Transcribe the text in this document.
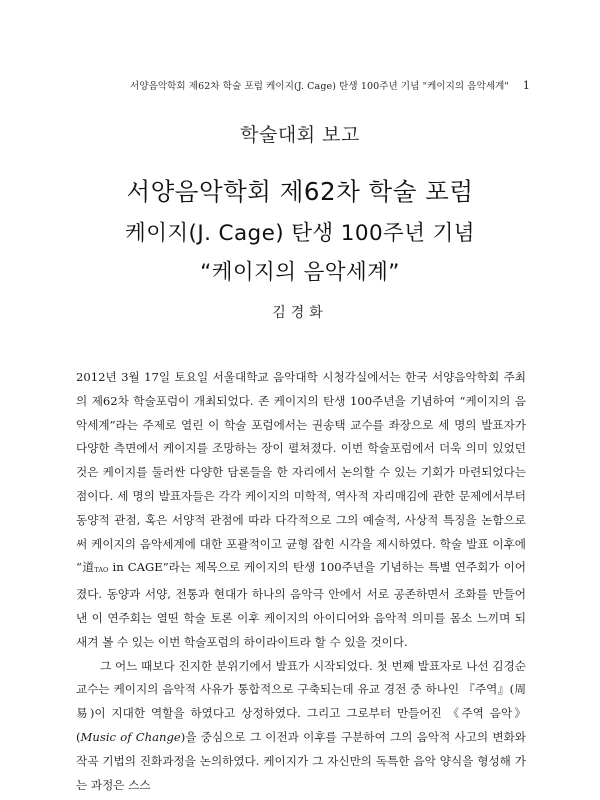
서양음악학회 제62차 학술 포럼 케이지(J. Cage) 탄생 100주년 기념 "케이지의 음악세계" 1
학술대회 보고
서양음악학회 제62차 학술 포럼
케이지(J. Cage) 탄생 100주년 기념
“케이지의 음악세계”
김경화

2012년 3월 17일 토요일 서울대학교 음악대학 시청각실에서는 한국 서양음악학회 주최의 제62차 학술포럼이 개최되었다. 존 케이지의 탄생 100주년을 기념하여 “케이지의 음악세계”라는 주제로 열린 이 학술 포럼에서는 권송택 교수를 좌장으로 세 명의 발표자가 다양한 측면에서 케이지를 조망하는 장이 펼쳐졌다. 이번 학술포럼에서 더욱 의미 있었던 것은 케이지를 둘러싼 다양한 담론들을 한 자리에서 논의할 수 있는 기회가 마련되었다는 점이다. 세 명의 발표자들은 각각 케이지의 미학적, 역사적 자리매김에 관한 문제에서부터 동양적 관점, 혹은 서양적 관점에 따라 다각적으로 그의 예술적, 사상적 특징을 논함으로써 케이지의 음악세계에 대한 포괄적이고 균형 잡힌 시각을 제시하였다. 학술 발표 이후에 “道TAO in CAGE”라는 제목으로 케이지의 탄생 100주년을 기념하는 특별 연주회가 이어졌다. 동양과 서양, 전통과 현대가 하나의 음악극 안에서 서로 공존하면서 조화를 만들어낸 이 연주회는 열띤 학술 토론 이후 케이지의 아이디어와 음악적 의미를 몸소 느끼며 되새겨 볼 수 있는 이번 학술포럼의 하이라이트라 할 수 있을 것이다.

그 어느 때보다 진지한 분위기에서 발표가 시작되었다. 첫 번째 발표자로 나선 김경순 교수는 케이지의 음악적 사유가 통합적으로 구축되는데 유교 경전 중 하나인 『주역』(周易)이 지대한 역할을 하였다고 상정하였다. 그리고 그로부터 만들어진 《주역 음악》(Music of Change)을 중심으로 그 이전과 이후를 구분하여 그의 음악적 사고의 변화와 작곡 기법의 진화과정을 논의하였다. 케이지가 그 자신만의 독특한 음악 양식을 형성해 가는 과정은 스스
